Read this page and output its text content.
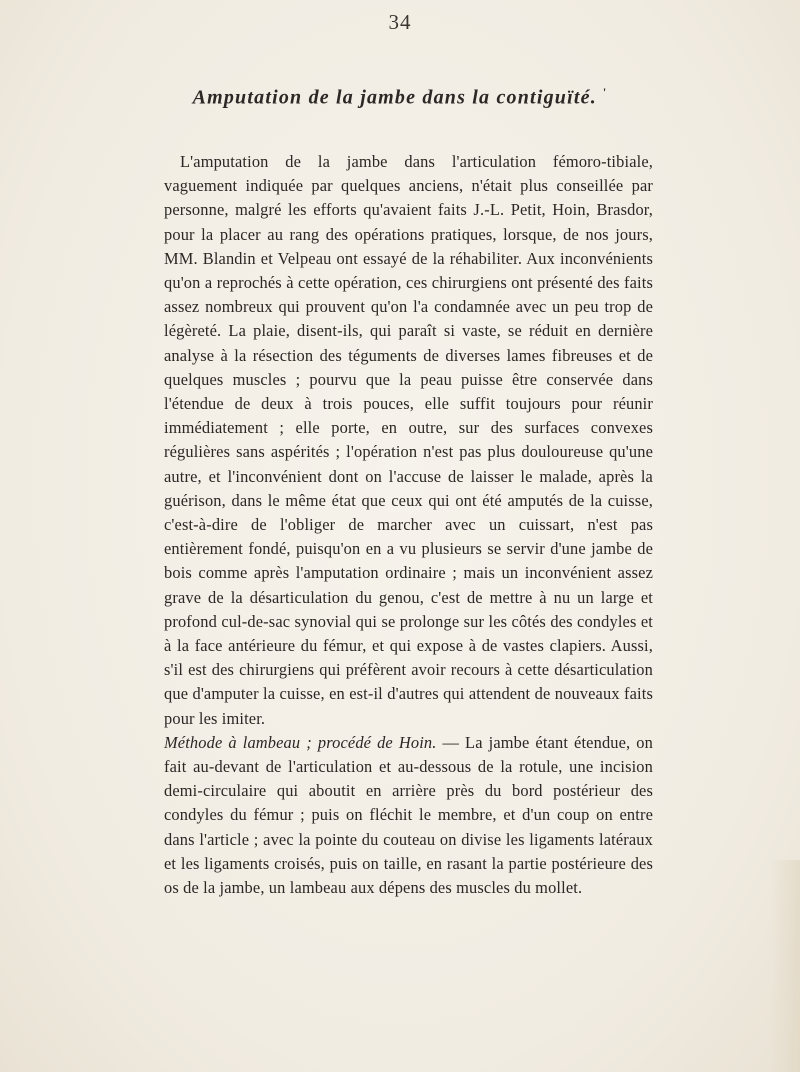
34
Amputation de la jambe dans la contiguïté. '

L'amputation de la jambe dans l'articulation fémoro-tibiale, vaguement indiquée par quelques anciens, n'était plus conseillée par personne, malgré les efforts qu'avaient faits J.-L. Petit, Hoin, Brasdor, pour la placer au rang des opérations pratiques, lorsque, de nos jours, MM. Blandin et Velpeau ont essayé de la réhabiliter. Aux inconvénients qu'on a reprochés à cette opération, ces chirurgiens ont présenté des faits assez nombreux qui prouvent qu'on l'a condamnée avec un peu trop de légèreté. La plaie, disent-ils, qui paraît si vaste, se réduit en dernière analyse à la résection des téguments de diverses lames fibreuses et de quelques muscles ; pourvu que la peau puisse être conservée dans l'étendue de deux à trois pouces, elle suffit toujours pour réunir immédiatement ; elle porte, en outre, sur des surfaces convexes régulières sans aspérités ; l'opération n'est pas plus douloureuse qu'une autre, et l'inconvénient dont on l'accuse de laisser le malade, après la guérison, dans le même état que ceux qui ont été amputés de la cuisse, c'est-à-dire de l'obliger de marcher avec un cuissart, n'est pas entièrement fondé, puisqu'on en a vu plusieurs se servir d'une jambe de bois comme après l'amputation ordinaire ; mais un inconvénient assez grave de la désarticulation du genou, c'est de mettre à nu un large et profond cul-de-sac synovial qui se prolonge sur les côtés des condyles et à la face antérieure du fémur, et qui expose à de vastes clapiers. Aussi, s'il est des chirurgiens qui préfèrent avoir recours à cette désarticulation que d'amputer la cuisse, en est-il d'autres qui attendent de nouveaux faits pour les imiter.
Méthode à lambeau ; procédé de Hoin. — La jambe étant étendue, on fait au-devant de l'articulation et au-dessous de la rotule, une incision demi-circulaire qui aboutit en arrière près du bord postérieur des condyles du fémur ; puis on fléchit le membre, et d'un coup on entre dans l'article ; avec la pointe du couteau on divise les ligaments latéraux et les ligaments croisés, puis on taille, en rasant la partie postérieure des os de la jambe, un lambeau aux dépens des muscles du mollet.
